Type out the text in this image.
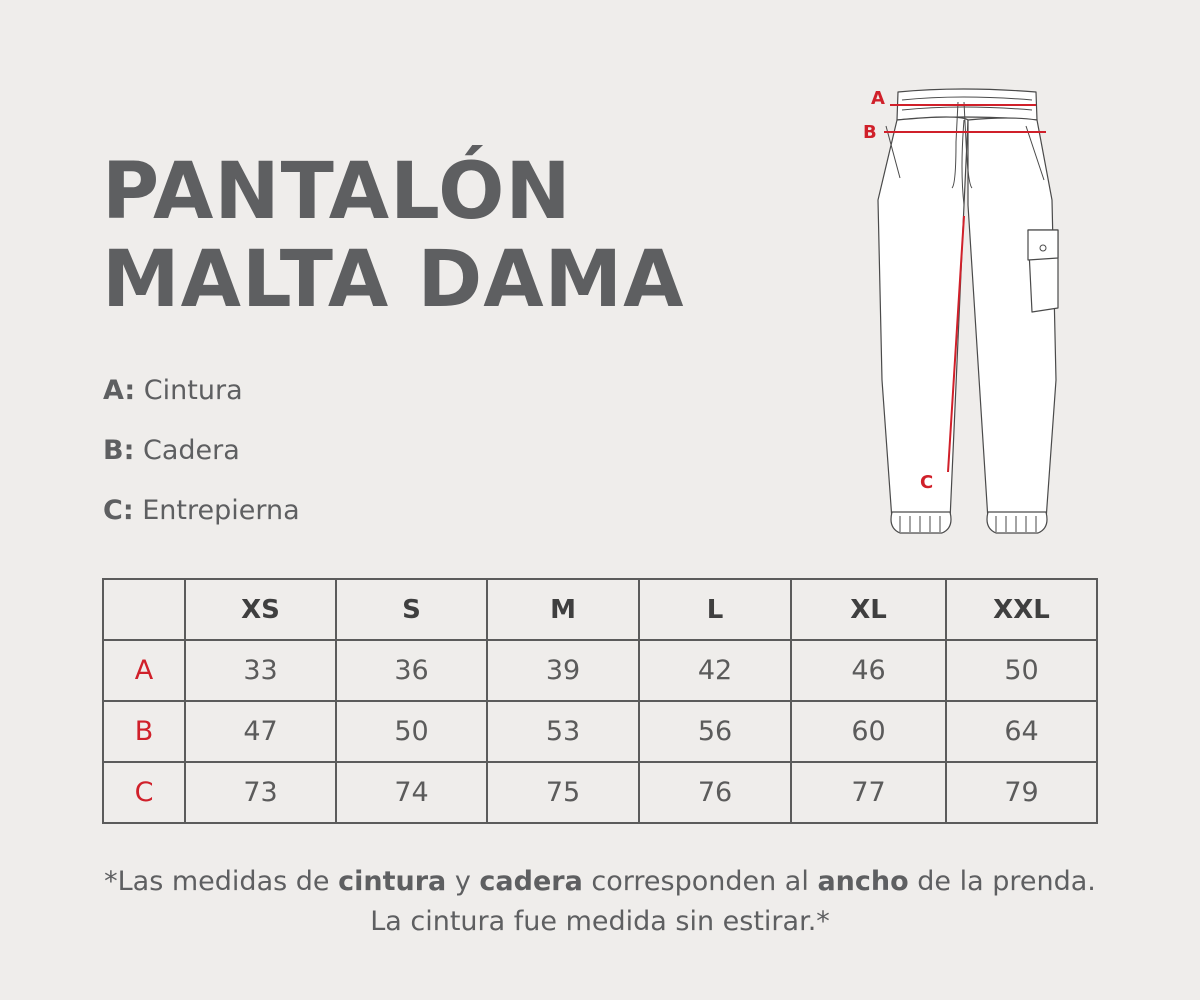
PANTALÓN
MALTA DAMA
A: Cintura
B: Cadera
C: Entrepierna
A
B
C
	XS	S	M	L	XL	XXL
A	33	36	39	42	46	50
B	47	50	53	56	60	64
C	73	74	75	76	77	79
*Las medidas de cintura y cadera corresponden al ancho de la prenda.
La cintura fue medida sin estirar.*
